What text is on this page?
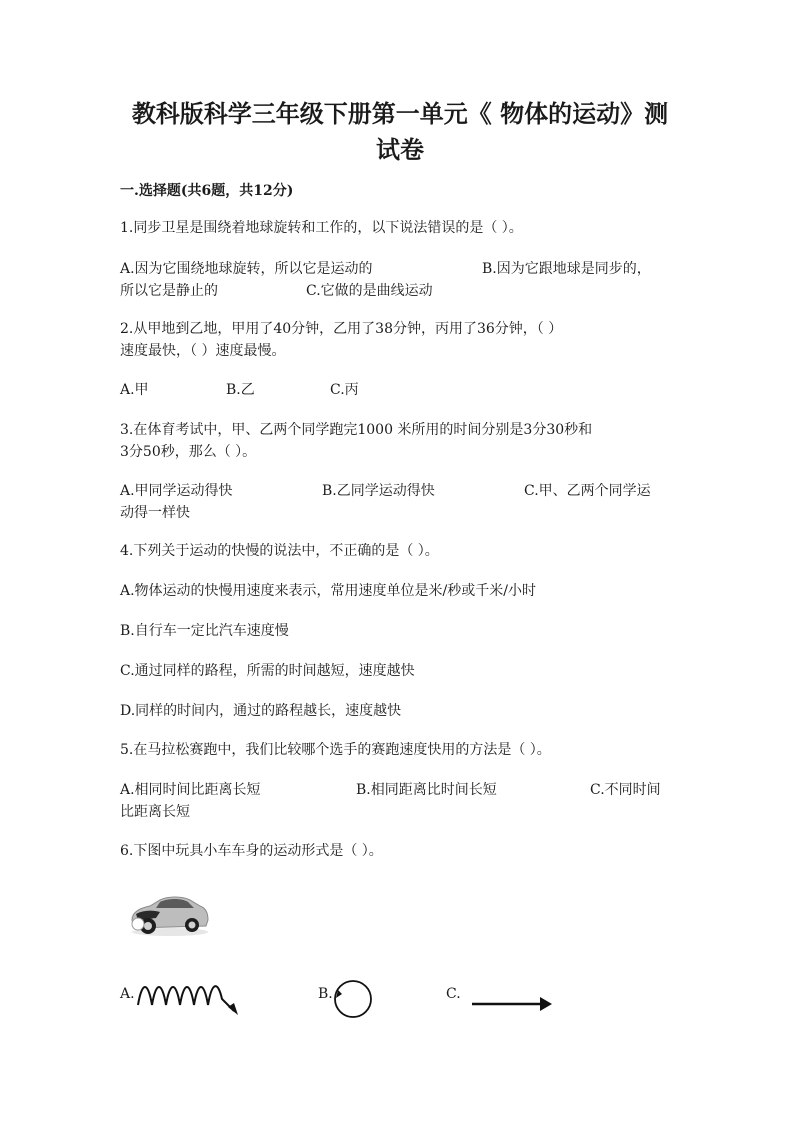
教科版科学三年级下册第一单元《 物体的运动》测
试卷
一.选择题(共6题，共12分)
1.同步卫星是围绕着地球旋转和工作的，以下说法错误的是（ ）。
A.因为它围绕地球旋转，所以它是运动的	B.因为它跟地球是同步的，
所以它是静止的	C.它做的是曲线运动
2.从甲地到乙地，甲用了40分钟，乙用了38分钟，丙用了36分钟，（ ）
速度最快，（ ）速度最慢。
A.甲	B.乙	C.丙
3.在体育考试中，甲、乙两个同学跑完1000 米所用的时间分别是3分30秒和
3分50秒，那么（ ）。
A.甲同学运动得快	B.乙同学运动得快	C.甲、乙两个同学运
动得一样快
4.下列关于运动的快慢的说法中，不正确的是（ ）。
A.物体运动的快慢用速度来表示，常用速度单位是米/秒或千米/小时
B.自行车一定比汽车速度慢
C.通过同样的路程，所需的时间越短，速度越快
D.同样的时间内，通过的路程越长，速度越快
5.在马拉松赛跑中，我们比较哪个选手的赛跑速度快用的方法是（ ）。
A.相同时间比距离长短	B.相同距离比时间长短	C.不同时间
比距离长短
6.下图中玩具小车车身的运动形式是（ ）。
A.	B.	C.
